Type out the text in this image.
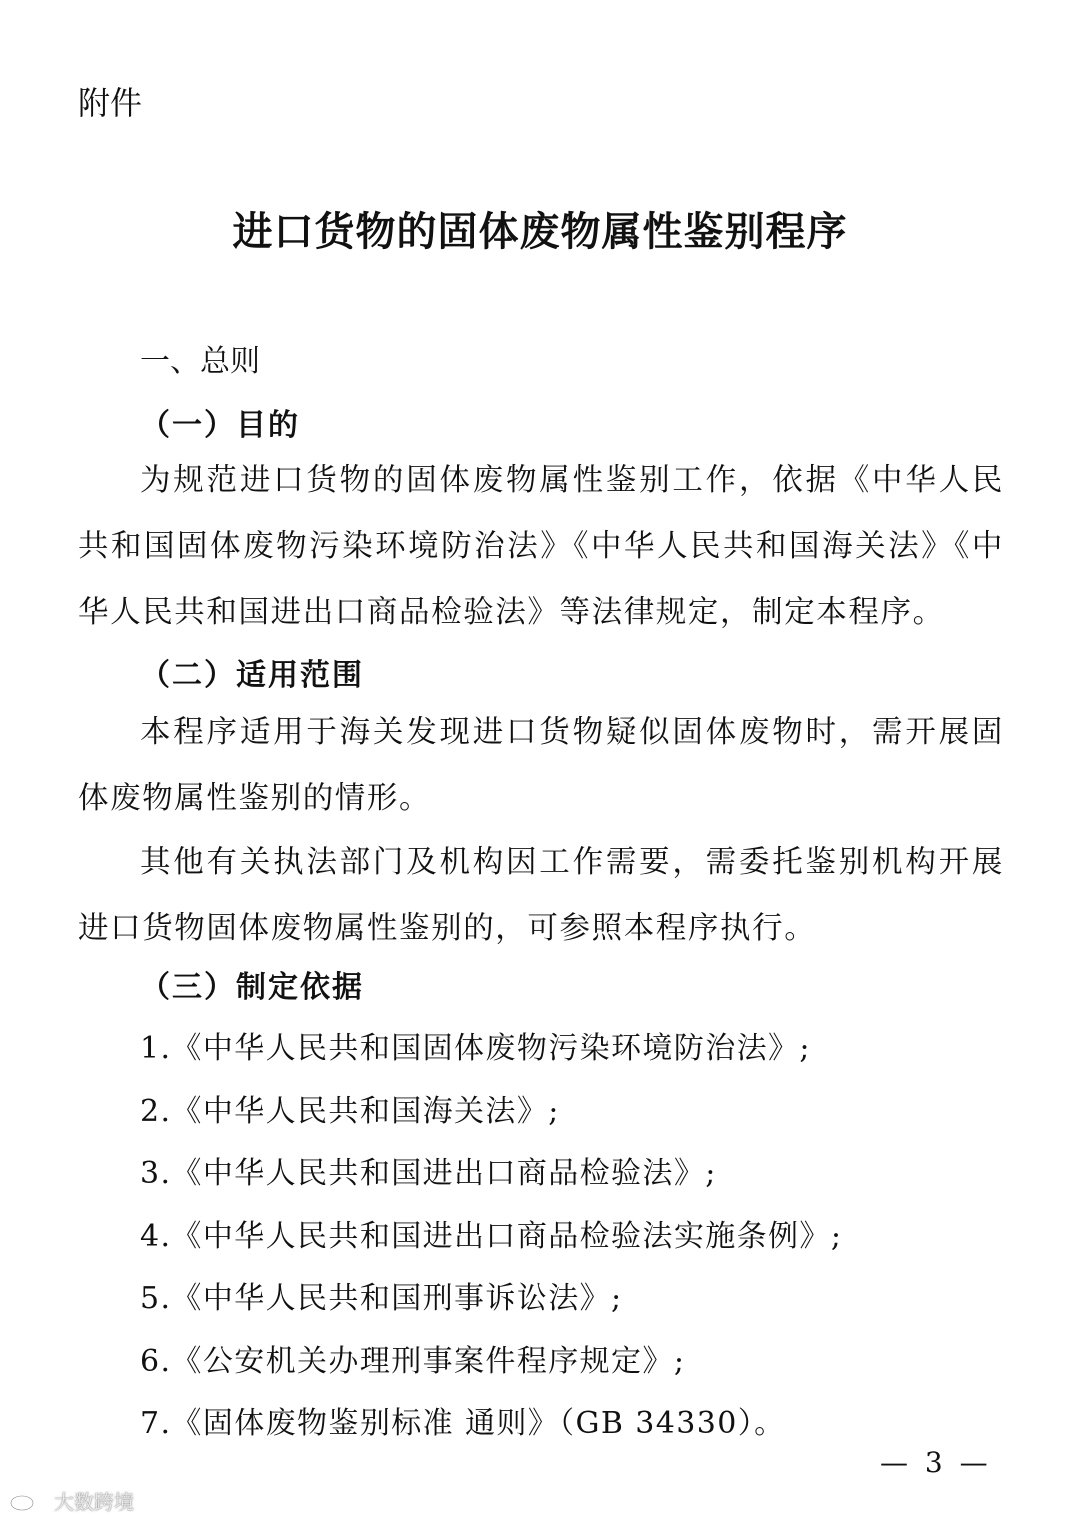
附件
进口货物的固体废物属性鉴别程序
一、总则
（一）目的
为规范进口货物的固体废物属性鉴别工作，依据《中华人民共和国固体废物污染环境防治法》《中华人民共和国海关法》《中华人民共和国进出口商品检验法》等法律规定，制定本程序。
（二）适用范围
本程序适用于海关发现进口货物疑似固体废物时，需开展固体废物属性鉴别的情形。
其他有关执法部门及机构因工作需要，需委托鉴别机构开展进口货物固体废物属性鉴别的，可参照本程序执行。
（三）制定依据
1.《中华人民共和国固体废物污染环境防治法》;
2.《中华人民共和国海关法》;
3.《中华人民共和国进出口商品检验法》;
4.《中华人民共和国进出口商品检验法实施条例》;
5.《中华人民共和国刑事诉讼法》;
6.《公安机关办理刑事案件程序规定》;
7.《固体废物鉴别标准 通则》（GB 34330）。
— 3 —
大数跨境
